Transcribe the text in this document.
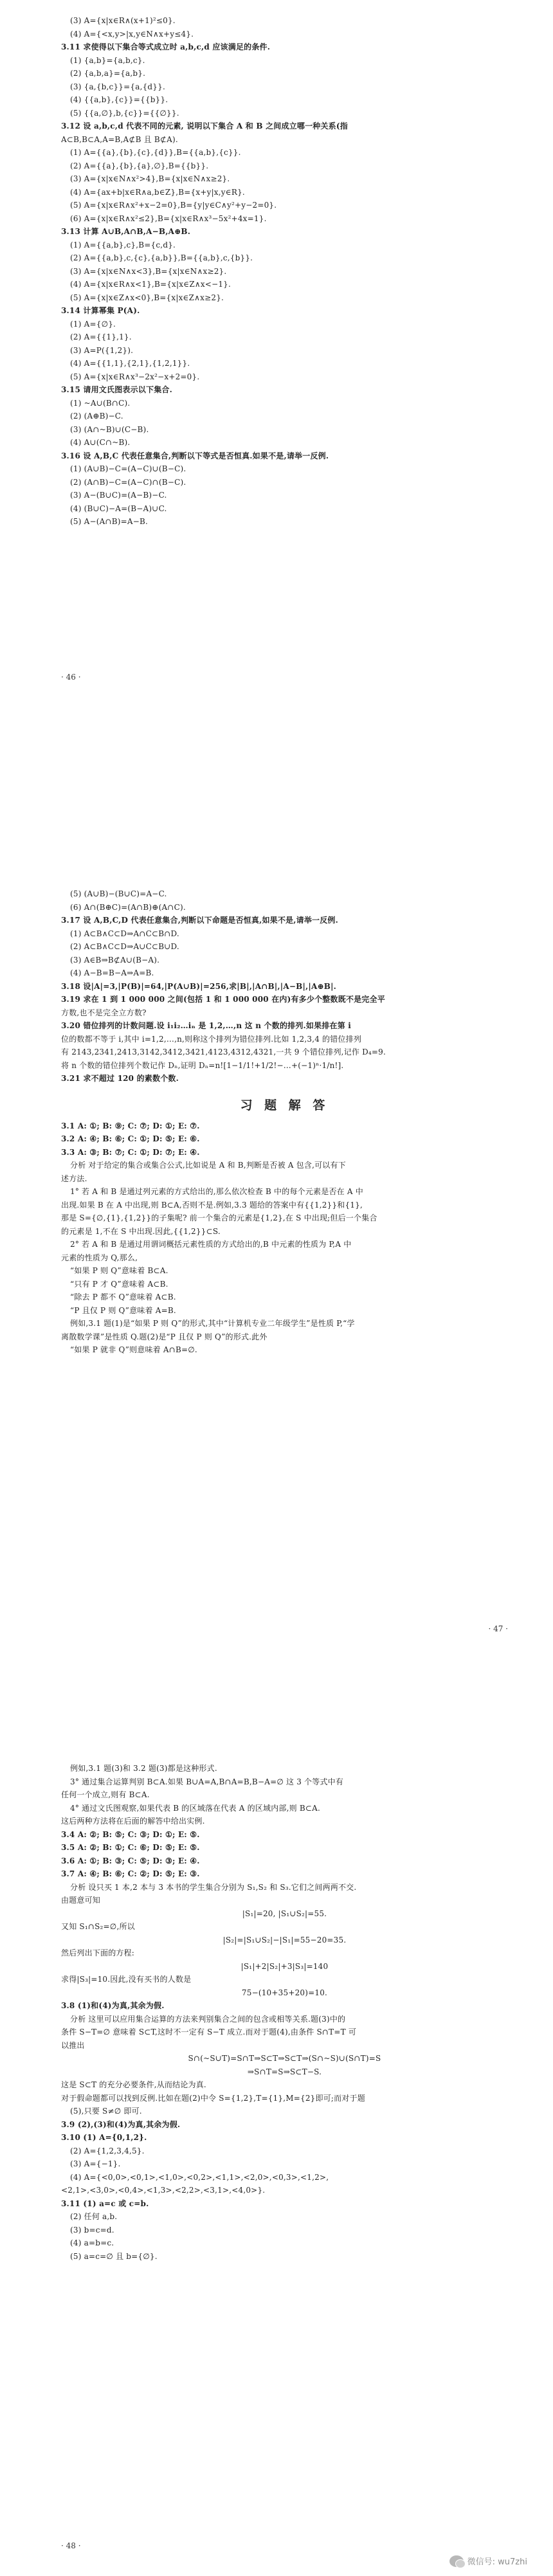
(3) A={x|x∈R∧(x+1)²≤0}.
(4) A={<x,y>|x,y∈N∧x+y≤4}.
3.11 求使得以下集合等式成立时 a,b,c,d 应该满足的条件.
(1) {a,b}={a,b,c}.
(2) {a,b,a}={a,b}.
(3) {a,{b,c}}={a,{d}}.
(4) {{a,b},{c}}={{b}}.
(5) {{a,∅},b,{c}}={{∅}}.
3.12 设 a,b,c,d 代表不同的元素, 说明以下集合 A 和 B 之间成立哪一种关系(指
A⊂B,B⊂A,A=B,A⊄B 且 B⊄A).
(1) A={{a},{b},{c},{d}},B={{a,b},{c}}.
(2) A={{a},{b},{a},∅},B={{b}}.
(3) A={x|x∈N∧x²>4},B={x|x∈N∧x≥2}.
(4) A={ax+b|x∈R∧a,b∈Z},B={x+y|x,y∈R}.
(5) A={x|x∈R∧x²+x−2=0},B={y|y∈C∧y²+y−2=0}.
(6) A={x|x∈R∧x²≤2},B={x|x∈R∧x³−5x²+4x=1}.
3.13 计算 A∪B,A∩B,A−B,A⊕B.
(1) A={{a,b},c},B={c,d}.
(2) A={{a,b},c,{c},{a,b}},B={{a,b},c,{b}}.
(3) A={x|x∈N∧x<3},B={x|x∈N∧x≥2}.
(4) A={x|x∈R∧x<1},B={x|x∈Z∧x<−1}.
(5) A={x|x∈Z∧x<0},B={x|x∈Z∧x≥2}.
3.14 计算幂集 P(A).
(1) A={∅}.
(2) A={{1},1}.
(3) A=P({1,2}).
(4) A={{1,1},{2,1},{1,2,1}}.
(5) A={x|x∈R∧x³−2x²−x+2=0}.
3.15 请用文氏图表示以下集合.
(1) ~A∪(B∩C).
(2) (A⊕B)−C.
(3) (A∩~B)∪(C−B).
(4) A∪(C∩~B).
3.16 设 A,B,C 代表任意集合,判断以下等式是否恒真.如果不是,请举一反例.
(1) (A∪B)−C=(A−C)∪(B−C).
(2) (A∩B)−C=(A−C)∩(B−C).
(3) A−(B∪C)=(A−B)−C.
(4) (B∪C)−A=(B−A)∪C.
(5) A−(A∩B)=A−B.
· 46 ·
(5) (A∪B)−(B∪C)=A−C.
(6) A∩(B⊕C)=(A∩B)⊕(A∩C).
3.17 设 A,B,C,D 代表任意集合,判断以下命题是否恒真,如果不是,请举一反例.
(1) A⊂B∧C⊂D⇒A∩C⊂B∩D.
(2) A⊂B∧C⊂D⇒A∪C⊂B∪D.
(3) A∈B⇒B⊄A∪(B−A).
(4) A−B=B−A⇒A=B.
3.18 设|A|=3,|P(B)|=64,|P(A∪B)|=256,求|B|,|A∩B|,|A−B|,|A⊕B|.
3.19 求在 1 到 1 000 000 之间(包括 1 和 1 000 000 在内)有多少个整数既不是完全平
方数,也不是完全立方数?
3.20 错位排列的计数问题.设 i₁i₂…iₙ 是 1,2,…,n 这 n 个数的排列.如果排在第 i
位的数都不等于 i,其中 i=1,2,…,n,则称这个排列为错位排列.比如 1,2,3,4 的错位排列
有 2143,2341,2413,3142,3412,3421,4123,4312,4321,一共 9 个错位排列,记作 D₄=9.
将 n 个数的错位排列个数记作 Dₙ,证明 Dₙ=n![1−1/1!+1/2!−…+(−1)ⁿ·1/n!].
3.21 求不超过 120 的素数个数.
习 题 解 答
3.1 A: ①; B: ⑨; C: ⑦; D: ①; E: ⑦.
3.2 A: ④; B: ⑥; C: ①; D: ⑤; E: ⑥.
3.3 A: ③; B: ⑦; C: ①; D: ⑦; E: ④.
分析 对于给定的集合或集合公式,比如说是 A 和 B,判断是否被 A 包含,可以有下
述方法.
1° 若 A 和 B 是通过列元素的方式给出的,那么依次检查 B 中的每个元素是否在 A 中
出现.如果 B 在 A 中出现,则 B⊂A,否则不是.例如,3.3 题给的答案中有{{1,2}}和{1},
那是 S={∅,{1},{1,2}}的子集呢? 前一个集合的元素是{1,2},在 S 中出现;但后一个集合
的元素是 1,不在 S 中出现.因此,{{1,2}}⊂S.
2° 若 A 和 B 是通过用谓词概括元素性质的方式给出的,B 中元素的性质为 P,A 中
元素的性质为 Q,那么,
“如果 P 则 Q”意味着 B⊂A.
“只有 P 才 Q”意味着 A⊂B.
“除去 P 都不 Q”意味着 A⊂B.
“P 且仅 P 则 Q”意味着 A=B.
例如,3.1 题(1)是“如果 P 则 Q”的形式,其中“计算机专业二年级学生”是性质 P,“学
离散数学课”是性质 Q.题(2)是“P 且仅 P 则 Q”的形式.此外
“如果 P 就非 Q”则意味着 A∩B=∅.
· 47 ·
例如,3.1 题(3)和 3.2 题(3)都是这种形式.
3° 通过集合运算判别 B⊂A.如果 B∪A=A,B∩A=B,B−A=∅ 这 3 个等式中有
任何一个成立,则有 B⊂A.
4° 通过文氏图观察,如果代表 B 的区域落在代表 A 的区域内部,则 B⊂A.
这后两种方法将在后面的解答中给出实例.
3.4 A: ②; B: ⑤; C: ③; D: ①; E: ⑤.
3.5 A: ②; B: ①; C: ⑥; D: ⑤; E: ⑤.
3.6 A: ①; B: ③; C: ⑤; D: ③; E: ④.
3.7 A: ④; B: ⑥; C: ②; D: ⑤; E: ③.
分析 设只买 1 本,2 本与 3 本书的学生集合分别为 S₁,S₂ 和 S₃.它们之间两两不交.
由题意可知
|S₁|=20, |S₁∪S₂|=55.
又知 S₁∩S₂=∅,所以
|S₂|=|S₁∪S₂|−|S₁|=55−20=35.
然后列出下面的方程:
|S₁|+2|S₂|+3|S₃|=140
求得|S₃|=10.因此,没有买书的人数是
75−(10+35+20)=10.
3.8 (1)和(4)为真,其余为假.
分析 这里可以应用集合运算的方法来判别集合之间的包含或相等关系.题(3)中的
条件 S−T=∅ 意味着 S⊂T,这时不一定有 S−T 成立.而对于题(4),由条件 S∩T=T 可
以推出
S∩(~S∪T)=S∩T⇒S⊂T⇒S⊂T⇒(S∩~S)∪(S∩T)=S
⇒S∩T=S⇒S⊂T−S.
这是 S⊂T 的充分必要条件,从而结论为真.
对于假命题都可以找到反例.比如在题(2)中令 S={1,2},T={1},M={2}即可;而对于题
(5),只要 S≠∅ 即可.
3.9 (2),(3)和(4)为真,其余为假.
3.10 (1) A={0,1,2}.
(2) A={1,2,3,4,5}.
(3) A={−1}.
(4) A={<0,0>,<0,1>,<1,0>,<0,2>,<1,1>,<2,0>,<0,3>,<1,2>,
<2,1>,<3,0>,<0,4>,<1,3>,<2,2>,<3,1>,<4,0>}.
3.11 (1) a=c 或 c=b.
(2) 任何 a,b.
(3) b=c=d.
(4) a=b=c.
(5) a=c=∅ 且 b={∅}.
· 48 ·
微信号: wu7zhi
